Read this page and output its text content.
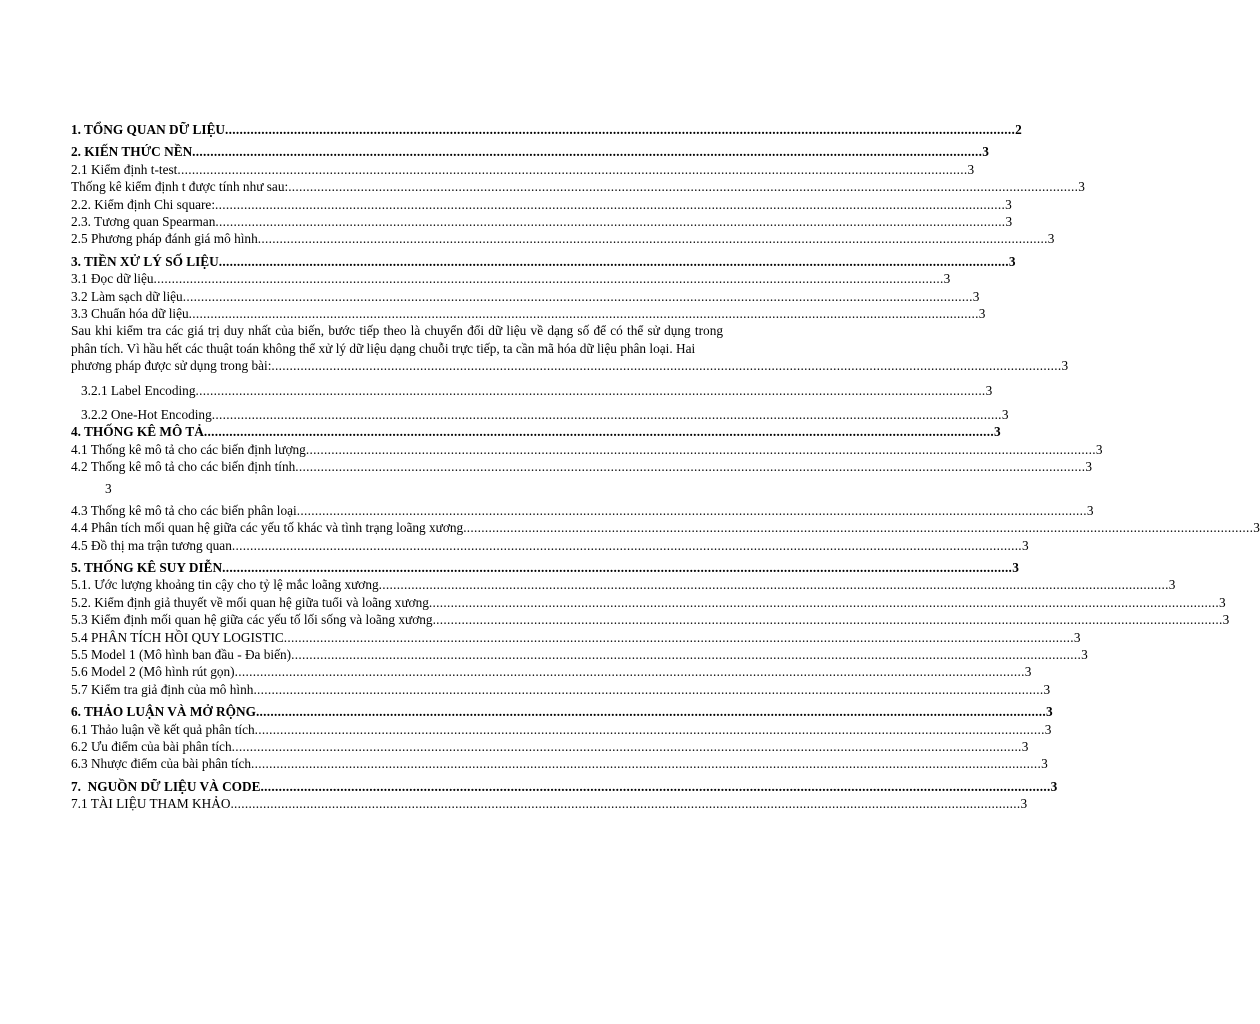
1. TỔNG QUAN DỮ LIỆU .......................................................................................................................................................................................................................... 2
2. KIẾN THỨC NỀN .......................................................................................................................................................................................................................... 3
2.1 Kiểm định t-test .......................................................................................................................................................................................................................... 3
Thống kê kiểm định t được tính như sau: .......................................................................................................................................................................................................................... 3
2.2. Kiểm định Chi square: .......................................................................................................................................................................................................................... 3
2.3. Tương quan Spearman .......................................................................................................................................................................................................................... 3
2.5 Phương pháp đánh giá mô hình .......................................................................................................................................................................................................................... 3
3. TIỀN XỬ LÝ SỐ LIỆU .......................................................................................................................................................................................................................... 3
3.1 Đọc dữ liệu .......................................................................................................................................................................................................................... 3
3.2 Làm sạch dữ liệu .......................................................................................................................................................................................................................... 3
3.3 Chuẩn hóa dữ liệu .......................................................................................................................................................................................................................... 3
Sau khi kiểm tra các giá trị duy nhất của biến, bước tiếp theo là chuyển đổi dữ liệu về dạng số để có thể sử dụng trong phân tích. Vì hầu hết các thuật toán không thể xử lý dữ liệu dạng chuỗi trực tiếp, ta cần mã hóa dữ liệu phân loại. Hai
phương pháp được sử dụng trong bài: .......................................................................................................................................................................................................................... 3
3.2.1 Label Encoding .......................................................................................................................................................................................................................... 3
3.2.2 One-Hot Encoding .......................................................................................................................................................................................................................... 3
4. THỐNG KÊ MÔ TẢ .......................................................................................................................................................................................................................... 3
4.1 Thống kê mô tả cho các biến định lượng .......................................................................................................................................................................................................................... 3
4.2 Thống kê mô tả cho các biến định tính .......................................................................................................................................................................................................................... 3
3
4.3 Thống kê mô tả cho các biến phân loại .......................................................................................................................................................................................................................... 3
4.4 Phân tích mối quan hệ giữa các yếu tố khác và tình trạng loãng xương .......................................................................................................................................................................................................................... 3
4.5 Đồ thị ma trận tương quan .......................................................................................................................................................................................................................... 3
5. THỐNG KÊ SUY DIỄN .......................................................................................................................................................................................................................... 3
5.1. Ước lượng khoảng tin cậy cho tỷ lệ mắc loãng xương .......................................................................................................................................................................................................................... 3
5.2. Kiểm định giả thuyết về mối quan hệ giữa tuổi và loãng xương .......................................................................................................................................................................................................................... 3
5.3 Kiểm định mối quan hệ giữa các yếu tố lối sống và loãng xương .......................................................................................................................................................................................................................... 3
5.4 PHÂN TÍCH HỒI QUY LOGISTIC .......................................................................................................................................................................................................................... 3
5.5 Model 1 (Mô hình ban đầu - Đa biến) .......................................................................................................................................................................................................................... 3
5.6 Model 2 (Mô hình rút gọn) .......................................................................................................................................................................................................................... 3
5.7 Kiểm tra giả định của mô hình .......................................................................................................................................................................................................................... 3
6. THẢO LUẬN VÀ MỞ RỘNG .......................................................................................................................................................................................................................... 3
6.1 Thảo luận về kết quả phân tích .......................................................................................................................................................................................................................... 3
6.2 Ưu điểm của bài phân tích .......................................................................................................................................................................................................................... 3
6.3 Nhược điểm của bài phân tích .......................................................................................................................................................................................................................... 3
7.  NGUỒN DỮ LIỆU VÀ CODE .......................................................................................................................................................................................................................... 3
7.1 TÀI LIỆU THAM KHẢO .......................................................................................................................................................................................................................... 3
